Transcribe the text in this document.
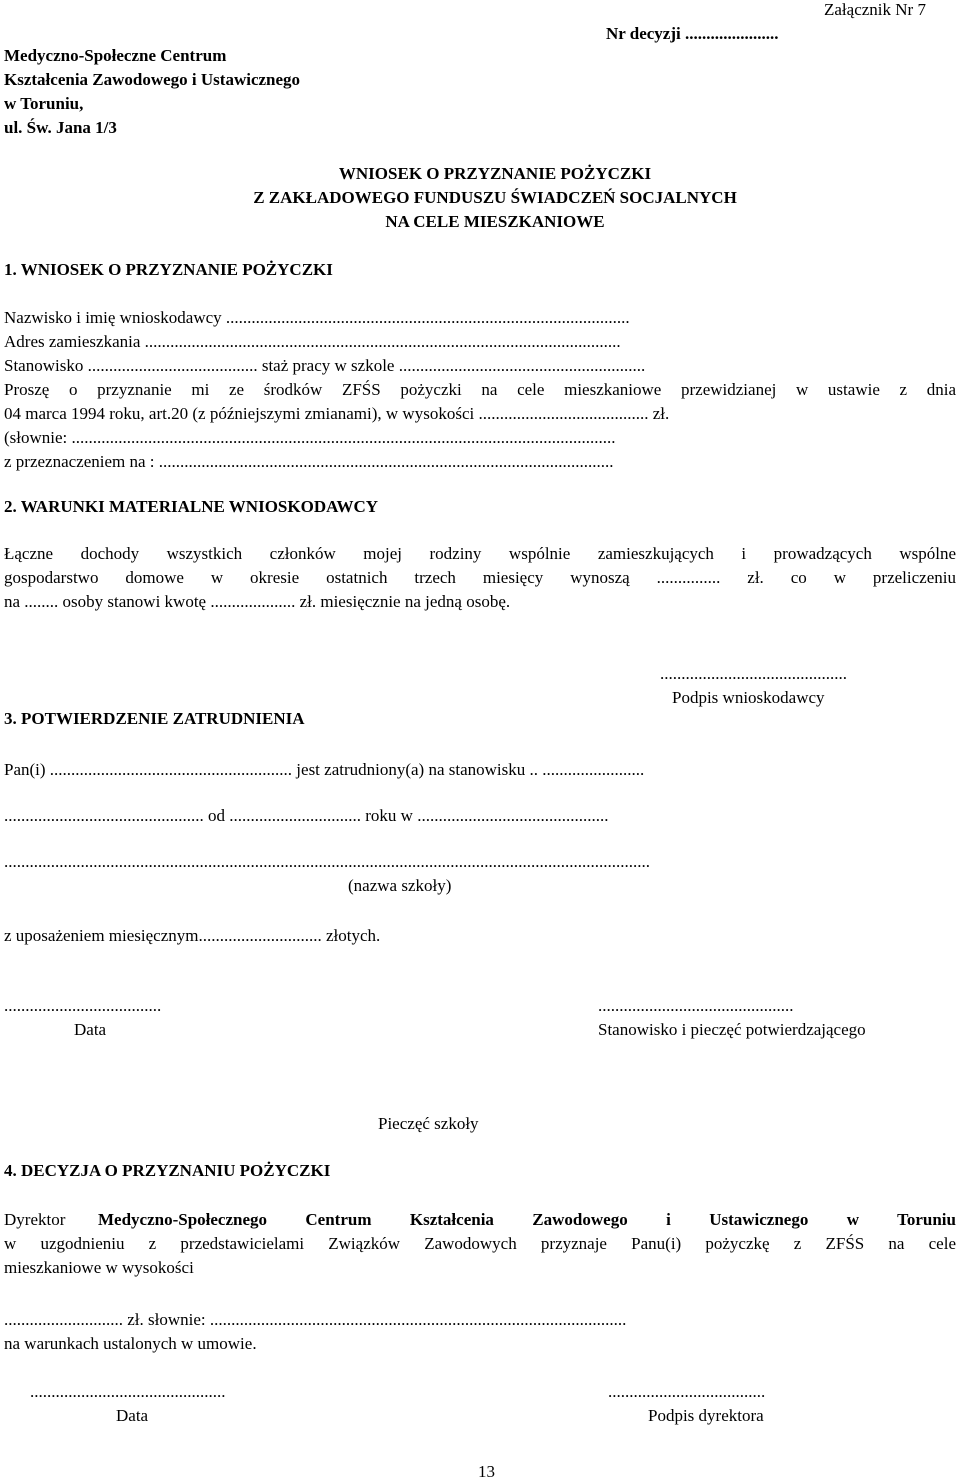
Załącznik Nr 7
Nr decyzji ......................
Medyczno-Społeczne Centrum
Kształcenia Zawodowego i Ustawicznego
w Toruniu,
ul. Św. Jana 1/3
WNIOSEK O PRZYZNANIE POŻYCZKI
Z ZAKŁADOWEGO FUNDUSZU ŚWIADCZEŃ SOCJALNYCH
NA CELE MIESZKANIOWE
1. WNIOSEK O PRZYZNANIE POŻYCZKI
Nazwisko i imię wnioskodawcy ...............................................................................................
Adres zamieszkania ................................................................................................................
Stanowisko ........................................ staż pracy w szkole ..........................................................
Proszę o przyznanie mi ze środków ZFŚS pożyczki na cele mieszkaniowe przewidzianej w ustawie z dnia
04 marca 1994 roku, art.20 (z późniejszymi zmianami), w wysokości ........................................ zł.
(słownie: ................................................................................................................................
z przeznaczeniem na : ...........................................................................................................
2. WARUNKI MATERIALNE WNIOSKODAWCY
Łączne dochody wszystkich członków mojej rodziny wspólnie zamieszkujących i prowadzących wspólne
gospodarstwo domowe w okresie ostatnich trzech miesięcy wynoszą ............... zł. co w przeliczeniu
na ........ osoby stanowi kwotę .................... zł. miesięcznie na jedną osobę.
............................................
Podpis wnioskodawcy
3. POTWIERDZENIE ZATRUDNIENIA
Pan(i) ......................................................... jest zatrudniony(a) na stanowisku .. ........................
............................................... od ............................... roku w .............................................
........................................................................................................................................................
(nazwa szkoły)
z uposażeniem miesięcznym............................. złotych.
.....................................
Data
..............................................
Stanowisko i pieczęć potwierdzającego
Pieczęć szkoły
4. DECYZJA O PRZYZNANIU POŻYCZKI
Dyrektor Medyczno-Społecznego Centrum Kształcenia Zawodowego i Ustawicznego w Toruniu
w uzgodnieniu z przedstawicielami Związków Zawodowych przyznaje Panu(i) pożyczkę z ZFŚS na cele
mieszkaniowe w wysokości
............................ zł. słownie: ..................................................................................................
na warunkach ustalonych w umowie.
..............................................
Data
.....................................
Podpis dyrektora
13
